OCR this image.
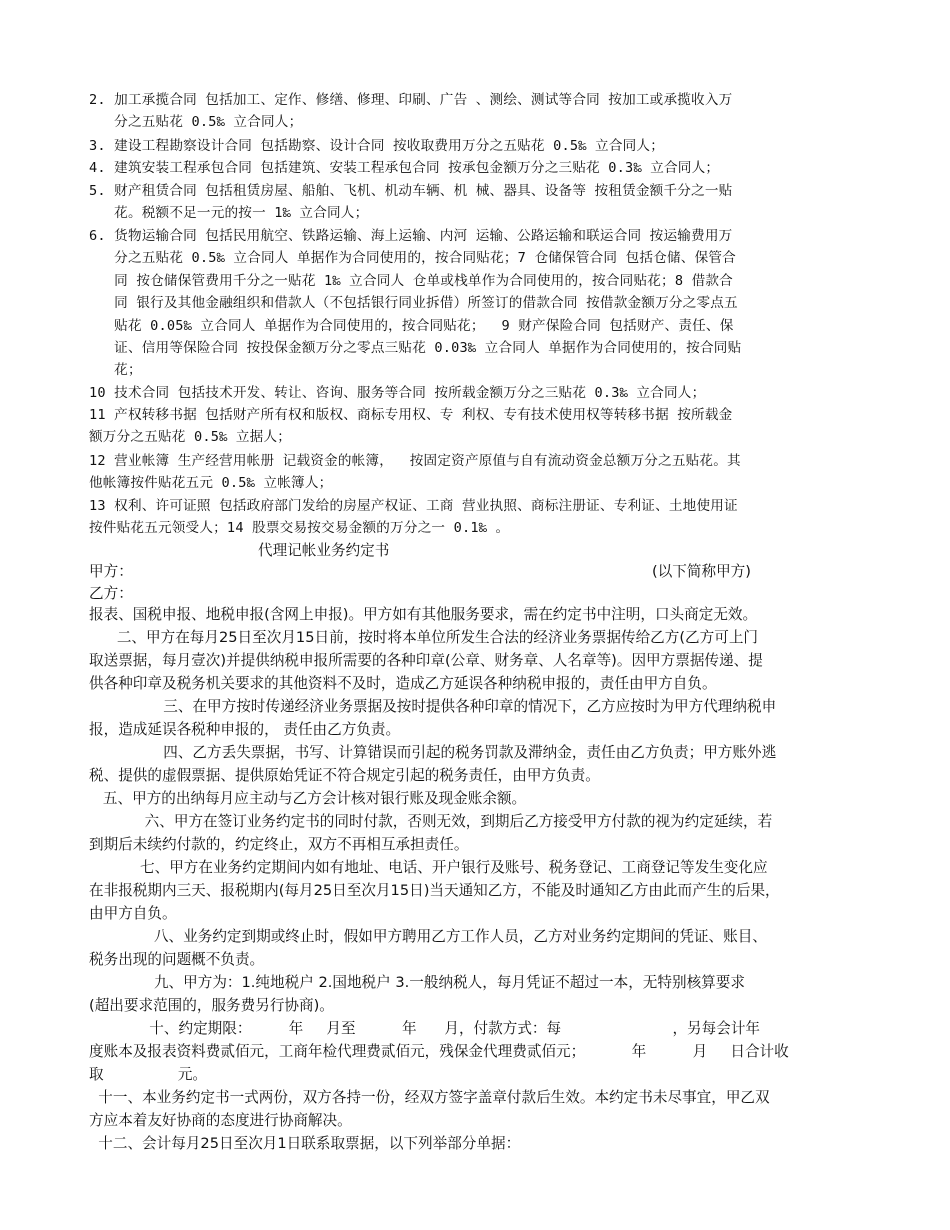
2. 加工承揽合同 包括加工、定作、修缮、修理、印刷、广告 、测绘、测试等合同 按加工或承揽收入万
分之五贴花 0.5‰ 立合同人；
3. 建设工程勘察设计合同 包括勘察、设计合同 按收取费用万分之五贴花 0.5‰ 立合同人；
4. 建筑安装工程承包合同 包括建筑、安装工程承包合同 按承包金额万分之三贴花 0.3‰ 立合同人；
5. 财产租赁合同 包括租赁房屋、船舶、飞机、机动车辆、机 械、器具、设备等 按租赁金额千分之一贴
花。税额不足一元的按一 1‰ 立合同人；
6. 货物运输合同 包括民用航空、铁路运输、海上运输、内河 运输、公路运输和联运合同 按运输费用万
分之五贴花 0.5‰ 立合同人 单据作为合同使用的，按合同贴花；7 仓储保管合同 包括仓储、保管合
同 按仓储保管费用千分之一贴花 1‰ 立合同人 仓单或栈单作为合同使用的，按合同贴花；8 借款合
同 银行及其他金融组织和借款人（不包括银行同业拆借）所签订的借款合同 按借款金额万分之零点五
贴花 0.05‰ 立合同人 单据作为合同使用的，按合同贴花；  9 财产保险合同 包括财产、责任、保
证、信用等保险合同 按投保金额万分之零点三贴花 0.03‰ 立合同人 单据作为合同使用的，按合同贴
花；
10 技术合同 包括技术开发、转让、咨询、服务等合同 按所载金额万分之三贴花 0.3‰ 立合同人；
11 产权转移书据 包括财产所有权和版权、商标专用权、专 利权、专有技术使用权等转移书据 按所载金
额万分之五贴花 0.5‰ 立据人；
12 营业帐簿 生产经营用帐册 记载资金的帐簿，  按固定资产原值与自有流动资金总额万分之五贴花。其
他帐簿按件贴花五元 0.5‰ 立帐簿人；
13 权利、许可证照 包括政府部门发给的房屋产权证、工商 营业执照、商标注册证、专利证、土地使用证
按件贴花五元领受人；14 股票交易按交易金额的万分之一 0.1‰ 。
代理记帐业务约定书
甲方：	(以下简称甲方)
乙方：
报表、国税申报、地税申报(含网上申报)。甲方如有其他服务要求，需在约定书中注明，口头商定无效。
二、甲方在每月25日至次月15日前，按时将本单位所发生合法的经济业务票据传给乙方(乙方可上门
取送票据，每月壹次)并提供纳税申报所需要的各种印章(公章、财务章、人名章等)。因甲方票据传递、提
供各种印章及税务机关要求的其他资料不及时，造成乙方延误各种纳税申报的，责任由甲方自负。
三、在甲方按时传递经济业务票据及按时提供各种印章的情况下，乙方应按时为甲方代理纳税申
报，造成延误各税种申报的， 责任由乙方负责。
四、乙方丢失票据，书写、计算错误而引起的税务罚款及滞纳金，责任由乙方负责；甲方账外逃
税、提供的虚假票据、提供原始凭证不符合规定引起的税务责任，由甲方负责。
五、甲方的出纳每月应主动与乙方会计核对银行账及现金账余额。
六、甲方在签订业务约定书的同时付款，否则无效，到期后乙方接受甲方付款的视为约定延续，若
到期后未续约付款的，约定终止，双方不再相互承担责任。
七、甲方在业务约定期间内如有地址、电话、开户银行及账号、税务登记、工商登记等发生变化应
在非报税期内三天、报税期内(每月25日至次月15日)当天通知乙方，不能及时通知乙方由此而产生的后果，
由甲方自负。
八、业务约定到期或终止时，假如甲方聘用乙方工作人员，乙方对业务约定期间的凭证、账目、
税务出现的问题概不负责。
九、甲方为：1.纯地税户 2.国地税户 3.一般纳税人，每月凭证不超过一本，无特别核算要求
(超出要求范围的，服务费另行协商)。
十、约定期限：        年     月至          年      月，付款方式：每                        ，另每会计年
度账本及报表资料费贰佰元，工商年检代理费贰佰元，残保金代理费贰佰元；          年          月     日合计收
取                元。
十一、本业务约定书一式两份，双方各持一份，经双方签字盖章付款后生效。本约定书未尽事宜，甲乙双
方应本着友好协商的态度进行协商解决。
十二、会计每月25日至次月1日联系取票据，以下列举部分单据：
